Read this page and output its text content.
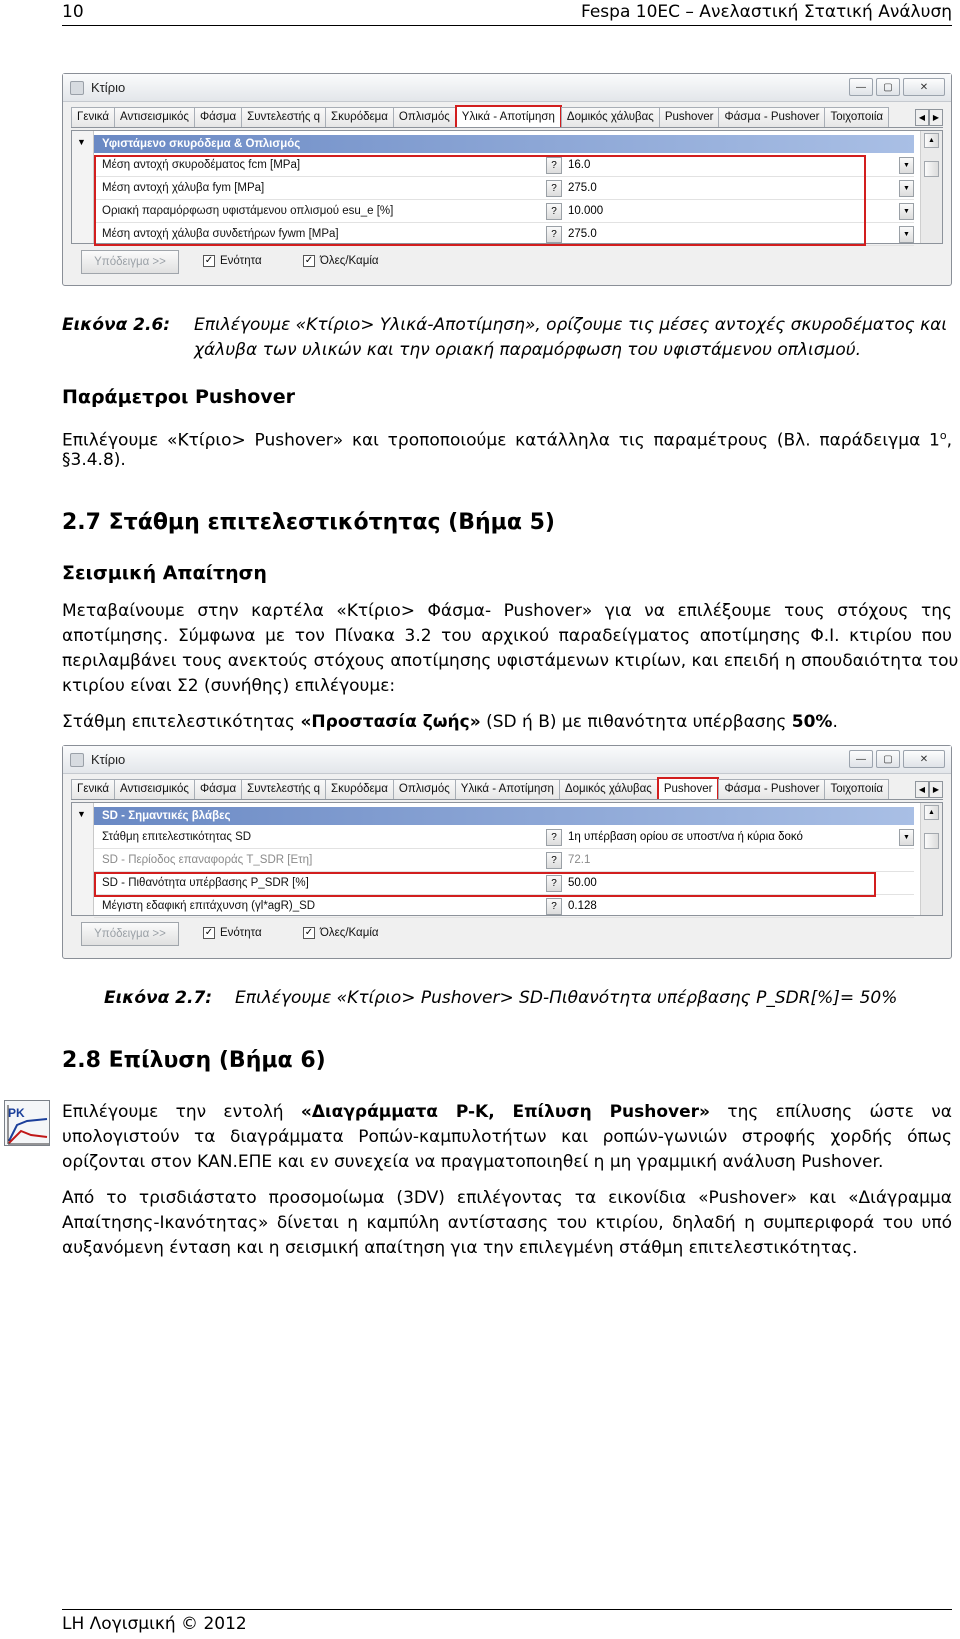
10	Fespa 10EC – Ανελαστική Στατική Ανάλυση
Κτίριο	—	▢	✕
Γενικά Αντισεισμικός Φάσμα Συντελεστής q Σκυρόδεμα Οπλισμός	Υλικά - Αποτίμηση	Δομικός χάλυβας Pushover Φάσμα - Pushover Τοιχοποιία	◀ ▶
▼	Υφιστάμενο σκυρόδεμα & Οπλισμός
Μέση αντοχή σκυροδέματος fcm [MPa]	? 16.0	▼
Μέση αντοχή χάλυβα fym [MPa]	? 275.0	▼
Οριακή παραμόρφωση υφιστάμενου οπλισμού esu_e [%]	? 10.000	▼
Μέση αντοχή χάλυβα συνδετήρων fywm [MPa]	? 275.0	▼
▲
Υπόδειγμα >>	✓ Ενότητα	✓ Όλες/Καμία
Εικόνα 2.6: Επιλέγουμε «Κτίριο> Υλικά-Αποτίμηση», ορίζουμε τις μέσες αντοχές σκυροδέματος και
χάλυβα των υλικών και την οριακή παραμόρφωση του υφιστάμενου οπλισμού.
Παράμετροι Pushover
Επιλέγουμε «Κτίριο> Pushover» και τροποποιούμε κατάλληλα τις παραμέτρους (Βλ. παράδειγμα $1^o$,
§3.4.8).
2.7 Στάθμη επιτελεστικότητας (Βήμα 5)
Σεισμική Απαίτηση
Μεταβαίνουμε στην καρτέλα «Κτίριο> Φάσμα- Pushover» για να επιλέξουμε τους στόχους της
αποτίμησης. Σύμφωνα με τον Πίνακα 3.2 του αρχικού παραδείγματος αποτίμησης Φ.Ι. κτιρίου που
περιλαμβάνει τους ανεκτούς στόχους αποτίμησης υφιστάμενων κτιρίων, και επειδή η σπουδαιότητα του
κτιρίου είναι Σ2 (συνήθης) επιλέγουμε:
Στάθμη επιτελεστικότητας «Προστασία ζωής» (SD ή B) με πιθανότητα υπέρβασης 50%.
Κτίριο	—	▢	✕
Γενικά Αντισεισμικός Φάσμα Συντελεστής q Σκυρόδεμα Οπλισμός Υλικά - Αποτίμηση Δομικός χάλυβας	Pushover	Φάσμα - Pushover Τοιχοποιία	◀ ▶
▼	SD - Σημαντικές βλάβες
Στάθμη επιτελεστικότητας SD	? 1η υπέρβαση ορίου σε υποστ/να ή κύρια δοκό	▼
SD - Περίοδος επαναφοράς T_SDR [Ετη]	? 72.1
SD - Πιθανότητα υπέρβασης P_SDR [%]	? 50.00
Μέγιστη εδαφική επιτάχυνση (γl*agR)_SD	? 0.128
▲
Υπόδειγμα >>	✓ Ενότητα	✓ Όλες/Καμία
Εικόνα 2.7: Επιλέγουμε «Κτίριο> Pushover> SD-Πιθανότητα υπέρβασης P_SDR[%]= 50%
2.8 Επίλυση (Βήμα 6)
PK Επιλέγουμε την εντολή «Διαγράμματα P-K, Επίλυση Pushover» της επίλυσης ώστε να
υπολογιστούν τα διαγράμματα Ροπών-καμπυλοτήτων και ροπών-γωνιών στροφής χορδής όπως
ορίζονται στον ΚΑΝ.ΕΠΕ και εν συνεχεία να πραγματοποιηθεί η μη γραμμική ανάλυση Pushover.
Από το τρισδιάστατο προσομοίωμα (3DV) επιλέγοντας τα εικονίδια «Pushover» και «Διάγραμμα
Απαίτησης-Ικανότητας» δίνεται η καμπύλη αντίστασης του κτιρίου, δηλαδή η συμπεριφορά του υπό
αυξανόμενη ένταση και η σεισμική απαίτηση για την επιλεγμένη στάθμη επιτελεστικότητας.
LH Λογισμική © 2012
